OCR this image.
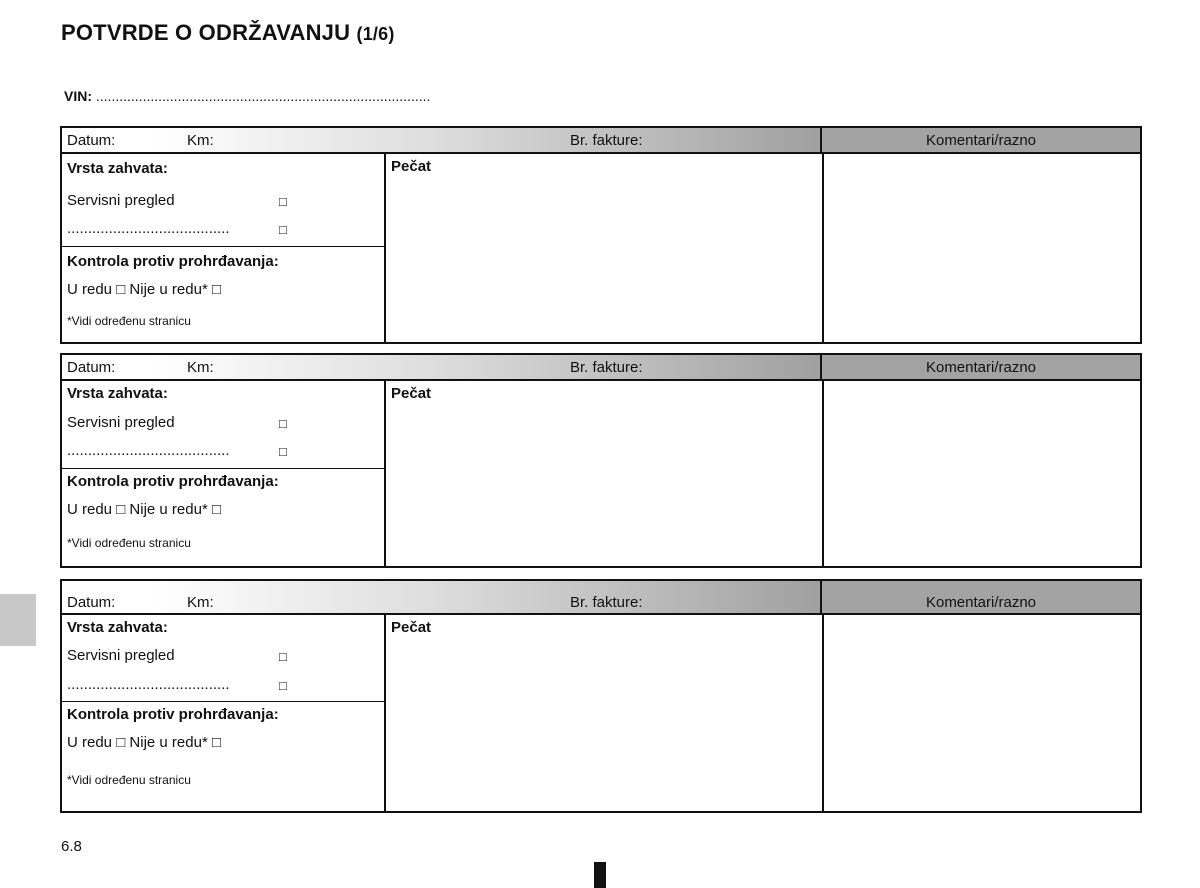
POTVRDE O ODRŽAVANJU (1/6)
VIN: ......................................................................................
Datum:	Km:	Br. fakture:	Komentari/razno
Vrsta zahvata:
Servisni pregled	□
.......................................	□
Kontrola protiv prohrđavanja:
U redu □ Nije u redu* □
*Vidi određenu stranicu
Pečat
Datum:	Km:	Br. fakture:	Komentari/razno
Vrsta zahvata:
Servisni pregled	□
.......................................	□
Kontrola protiv prohrđavanja:
U redu □ Nije u redu* □
*Vidi određenu stranicu
Pečat
Datum:	Km:	Br. fakture:	Komentari/razno
Vrsta zahvata:
Servisni pregled	□
.......................................	□
Kontrola protiv prohrđavanja:
U redu □ Nije u redu* □
*Vidi određenu stranicu
Pečat
6.8
